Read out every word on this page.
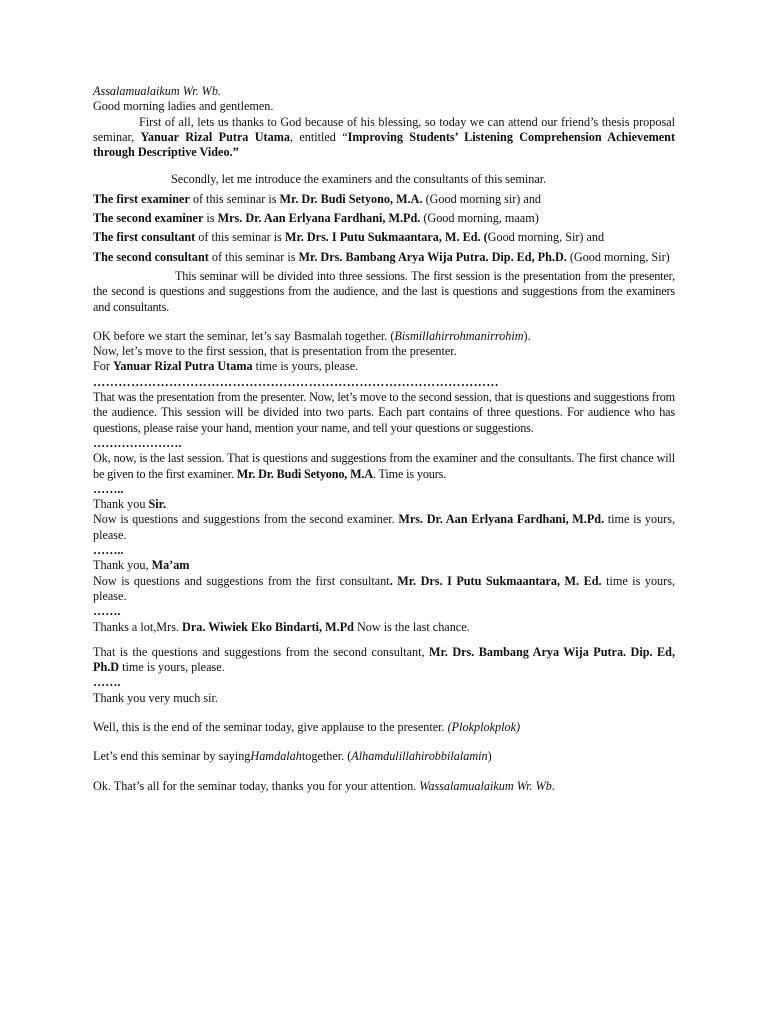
Assalamualaikum Wr. Wb.
Good morning ladies and gentlemen.
First of all, lets us thanks to God because of his blessing, so today we can attend our friend’s thesis proposal seminar, Yanuar Rizal Putra Utama, entitled “Improving Students’ Listening Comprehension Achievement through Descriptive Video.”
Secondly, let me introduce the examiners and the consultants of this seminar.
The first examiner of this seminar is Mr. Dr. Budi Setyono, M.A. (Good morning sir) and
The second examiner is Mrs. Dr. Aan Erlyana Fardhani, M.Pd. (Good morning, maam)
The first consultant of this seminar is Mr. Drs. I Putu Sukmaantara, M. Ed. (Good morning, Sir) and
The second consultant of this seminar is Mr. Drs. Bambang Arya Wija Putra. Dip. Ed, Ph.D. (Good morning, Sir)
This seminar will be divided into three sessions. The first session is the presentation from the presenter, the second is questions and suggestions from the audience, and the last is questions and suggestions from the examiners and consultants.
OK before we start the seminar, let’s say Basmalah together. (Bismillahirrohmanirrohim).
Now, let’s move to the first session, that is presentation from the presenter.
For Yanuar Rizal Putra Utama time is yours, please.
……………………………………………………………………………………
That was the presentation from the presenter. Now, let’s move to the second session, that is questions and suggestions from the audience. This session will be divided into two parts. Each part contains of three questions. For audience who has questions, please raise your hand, mention your name, and tell your questions or suggestions.
………………….
Ok, now, is the last session. That is questions and suggestions from the examiner and the consultants. The first chance will be given to the first examiner. Mr. Dr. Budi Setyono, M.A. Time is yours.
……..
Thank you Sir.
Now is questions and suggestions from the second examiner. Mrs. Dr. Aan Erlyana Fardhani, M.Pd. time is yours, please.
……..
Thank you, Ma’am
Now is questions and suggestions from the first consultant. Mr. Drs. I Putu Sukmaantara, M. Ed. time is yours, please.
…….
Thanks a lot,Mrs. Dra. Wiwiek Eko Bindarti, M.Pd Now is the last chance.
That is the questions and suggestions from the second consultant, Mr. Drs. Bambang Arya Wija Putra. Dip. Ed, Ph.D time is yours, please.
…….
Thank you very much sir.
Well, this is the end of the seminar today, give applause to the presenter. (Plokplokplok)
Let’s end this seminar by sayingHamdalahtogether. (Alhamdulillahirobbilalamin)
Ok. That’s all for the seminar today, thanks you for your attention. Wassalamualaikum Wr. Wb.
